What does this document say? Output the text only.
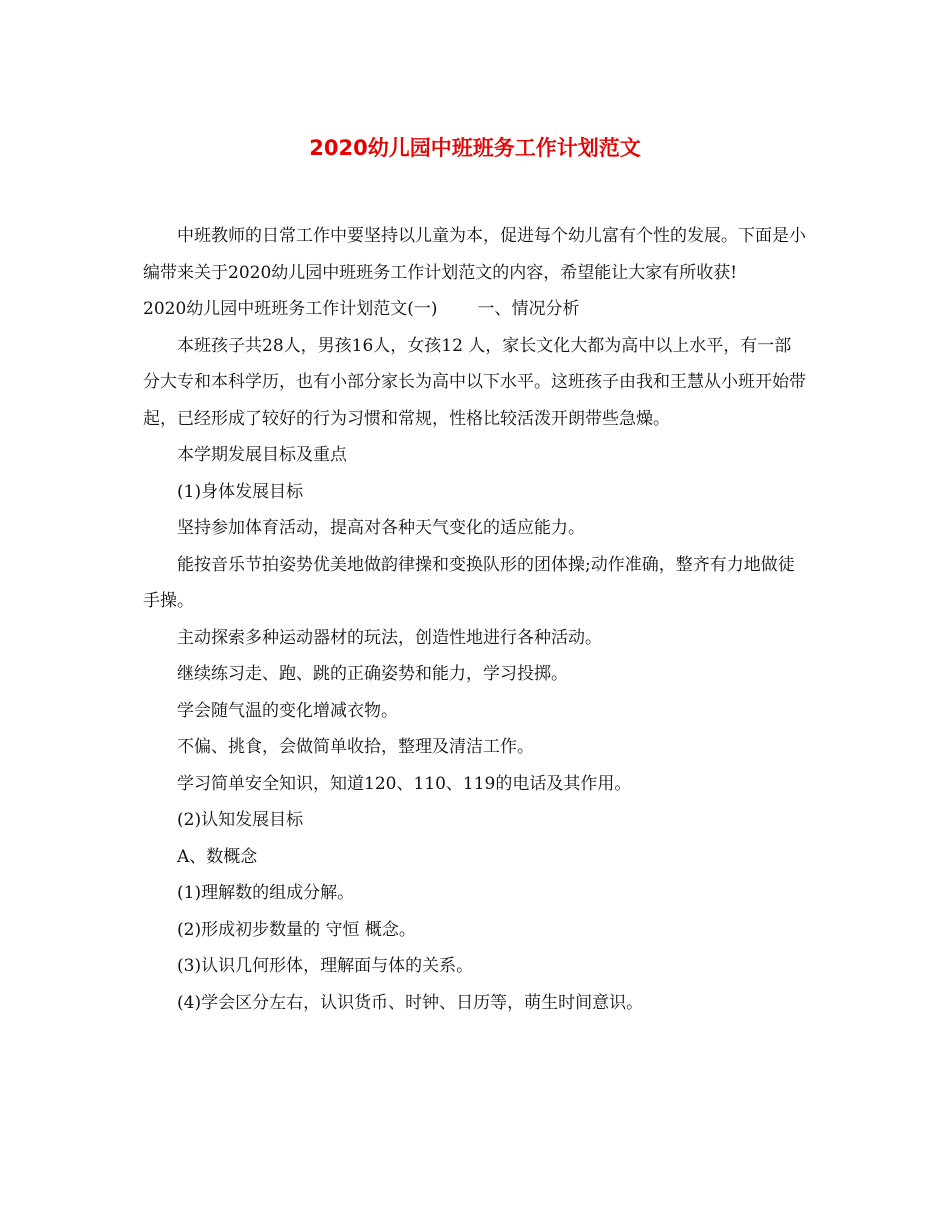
2020幼儿园中班班务工作计划范文

中班教师的日常工作中要坚持以儿童为本，促进每个幼儿富有个性的发展。下面是小编带来关于2020幼儿园中班班务工作计划范文的内容，希望能让大家有所收获!

2020幼儿园中班班务工作计划范文(一) 一、情况分析

本班孩子共28人，男孩16人，女孩12 人，家长文化大都为高中以上水平，有一部分大专和本科学历，也有小部分家长为高中以下水平。这班孩子由我和王慧从小班开始带起，已经形成了较好的行为习惯和常规，性格比较活泼开朗带些急燥。

本学期发展目标及重点

(1)身体发展目标

坚持参加体育活动，提高对各种天气变化的适应能力。

能按音乐节拍姿势优美地做韵律操和变换队形的团体操;动作准确，整齐有力地做徒手操。

主动探索多种运动器材的玩法，创造性地进行各种活动。

继续练习走、跑、跳的正确姿势和能力，学习投掷。

学会随气温的变化增减衣物。

不偏、挑食，会做简单收拾，整理及清洁工作。

学习简单安全知识，知道120、110、119的电话及其作用。

(2)认知发展目标

A、数概念

(1)理解数的组成分解。

(2)形成初步数量的 守恒 概念。

(3)认识几何形体，理解面与体的关系。

(4)学会区分左右，认识货币、时钟、日历等，萌生时间意识。
